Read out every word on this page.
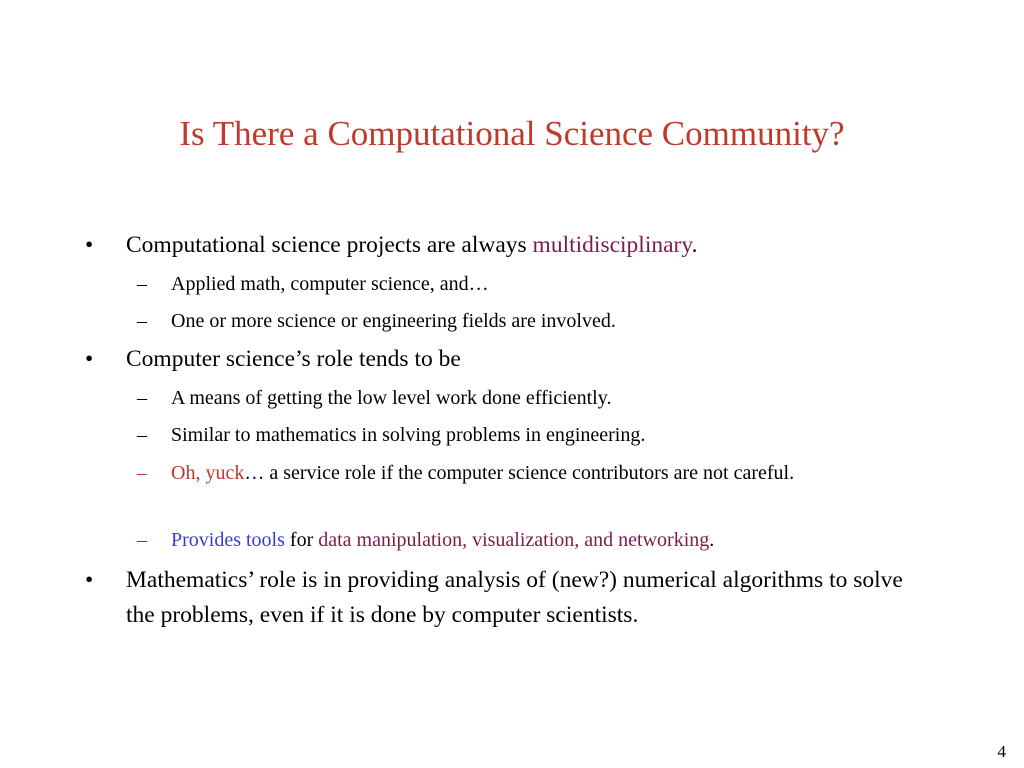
Is There a Computational Science Community?
•	Computational science projects are always multidisciplinary.
–	Applied math, computer science, and…
–	One or more science or engineering fields are involved.
•	Computer science’s role tends to be
–	A means of getting the low level work done efficiently.
–	Similar to mathematics in solving problems in engineering.
–	Oh, yuck… a service role if the computer science contributors are not careful.
–	Provides tools for data manipulation, visualization, and networking.
•	Mathematics’ role is in providing analysis of (new?) numerical algorithms to solve the problems, even if it is done by computer scientists.
4
